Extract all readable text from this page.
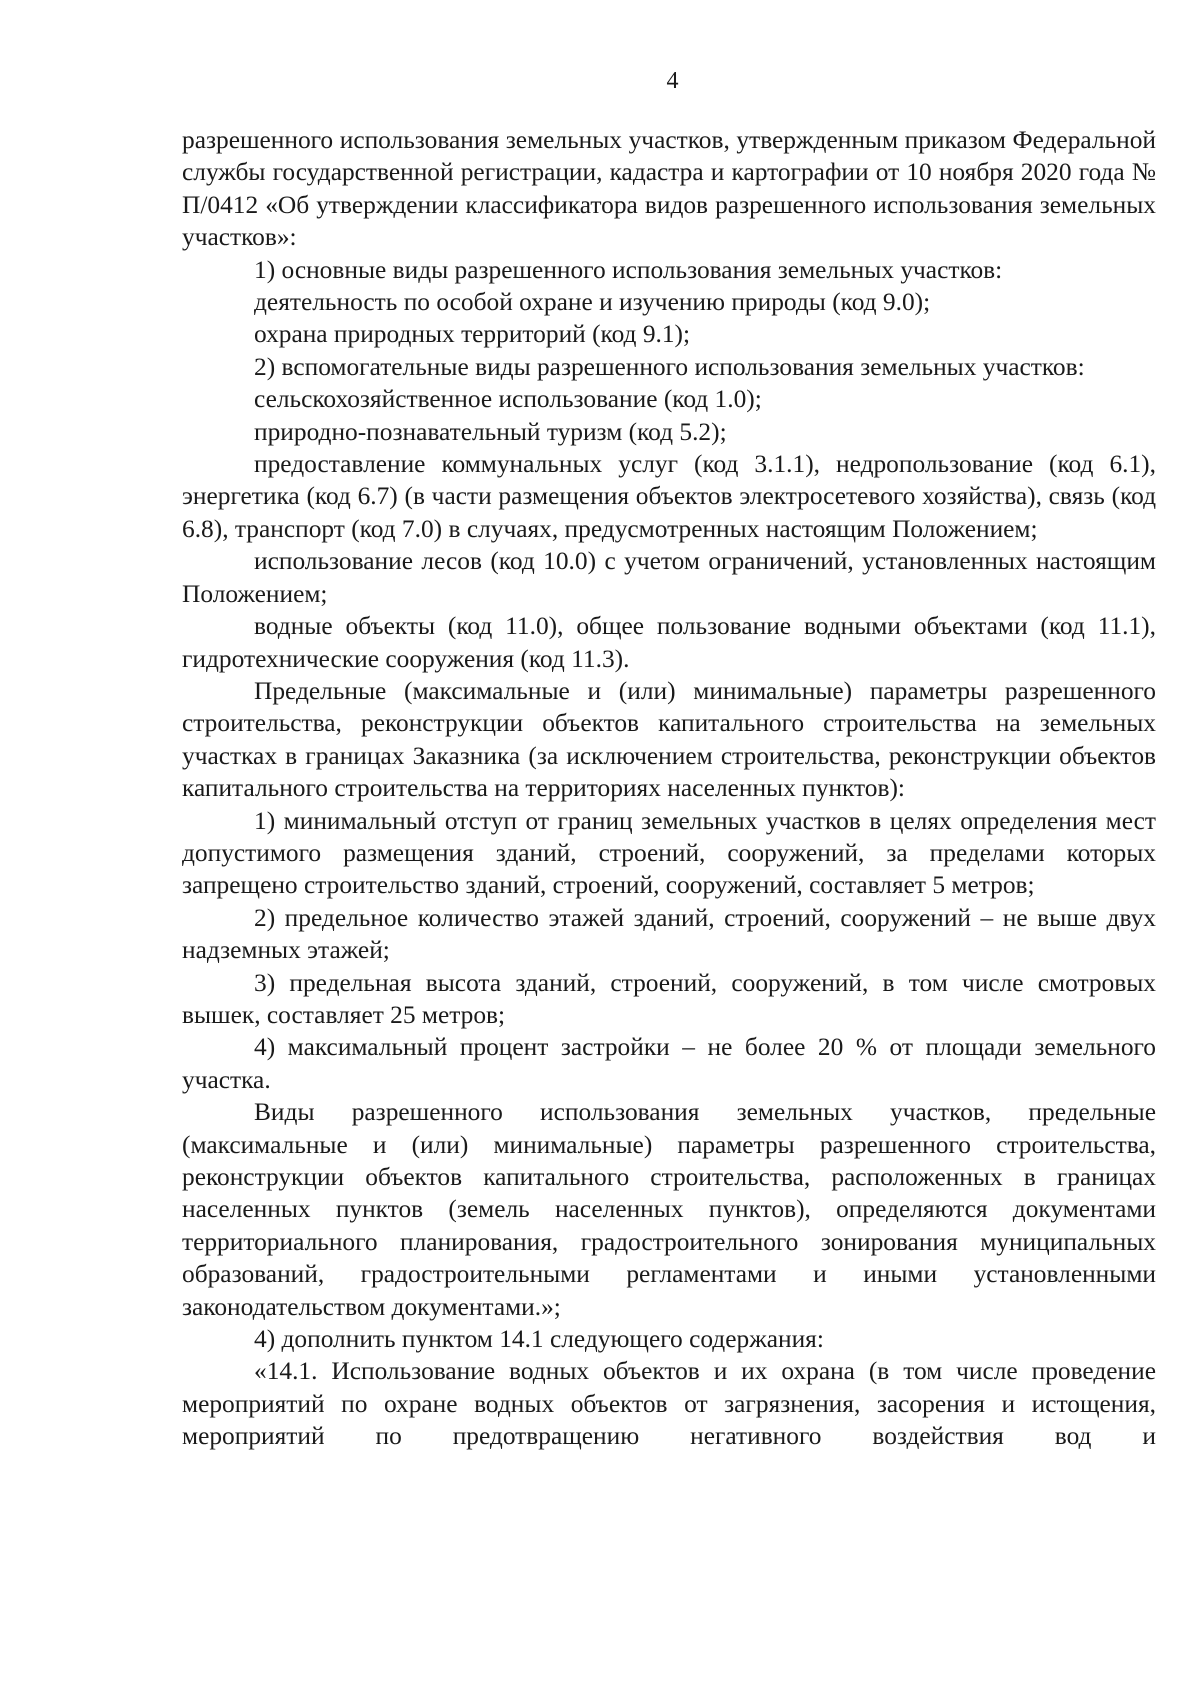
4

разрешенного использования земельных участков, утвержденным приказом Федеральной службы государственной регистрации, кадастра и картографии от 10 ноября 2020 года № П/0412 «Об утверждении классификатора видов разрешенного использования земельных участков»:

1) основные виды разрешенного использования земельных участков:

деятельность по особой охране и изучению природы (код 9.0);

охрана природных территорий (код 9.1);

2) вспомогательные виды разрешенного использования земельных участков:

сельскохозяйственное использование (код 1.0);

природно-познавательный туризм (код 5.2);

предоставление коммунальных услуг (код 3.1.1), недропользование (код 6.1), энергетика (код 6.7) (в части размещения объектов электросетевого хозяйства), связь (код 6.8), транспорт (код 7.0) в случаях, предусмотренных настоящим Положением;

использование лесов (код 10.0) с учетом ограничений, установленных настоящим Положением;

водные объекты (код 11.0), общее пользование водными объектами (код 11.1), гидротехнические сооружения (код 11.3).

Предельные (максимальные и (или) минимальные) параметры разрешенного строительства, реконструкции объектов капитального строительства на земельных участках в границах Заказника (за исключением строительства, реконструкции объектов капитального строительства на территориях населенных пунктов):

1) минимальный отступ от границ земельных участков в целях определения мест допустимого размещения зданий, строений, сооружений, за пределами которых запрещено строительство зданий, строений, сооружений, составляет 5 метров;

2) предельное количество этажей зданий, строений, сооружений – не выше двух надземных этажей;

3) предельная высота зданий, строений, сооружений, в том числе смотровых вышек, составляет 25 метров;

4) максимальный процент застройки – не более 20 % от площади земельного участка.

Виды разрешенного использования земельных участков, предельные (максимальные и (или) минимальные) параметры разрешенного строительства, реконструкции объектов капитального строительства, расположенных в границах населенных пунктов (земель населенных пунктов), определяются документами территориального планирования, градостроительного зонирования муниципальных образований, градостроительными регламентами и иными установленными законодательством документами.»;

4) дополнить пунктом 14.1 следующего содержания:

«14.1. Использование водных объектов и их охрана (в том числе проведение мероприятий по охране водных объектов от загрязнения, засорения и истощения, мероприятий по предотвращению негативного воздействия вод и
